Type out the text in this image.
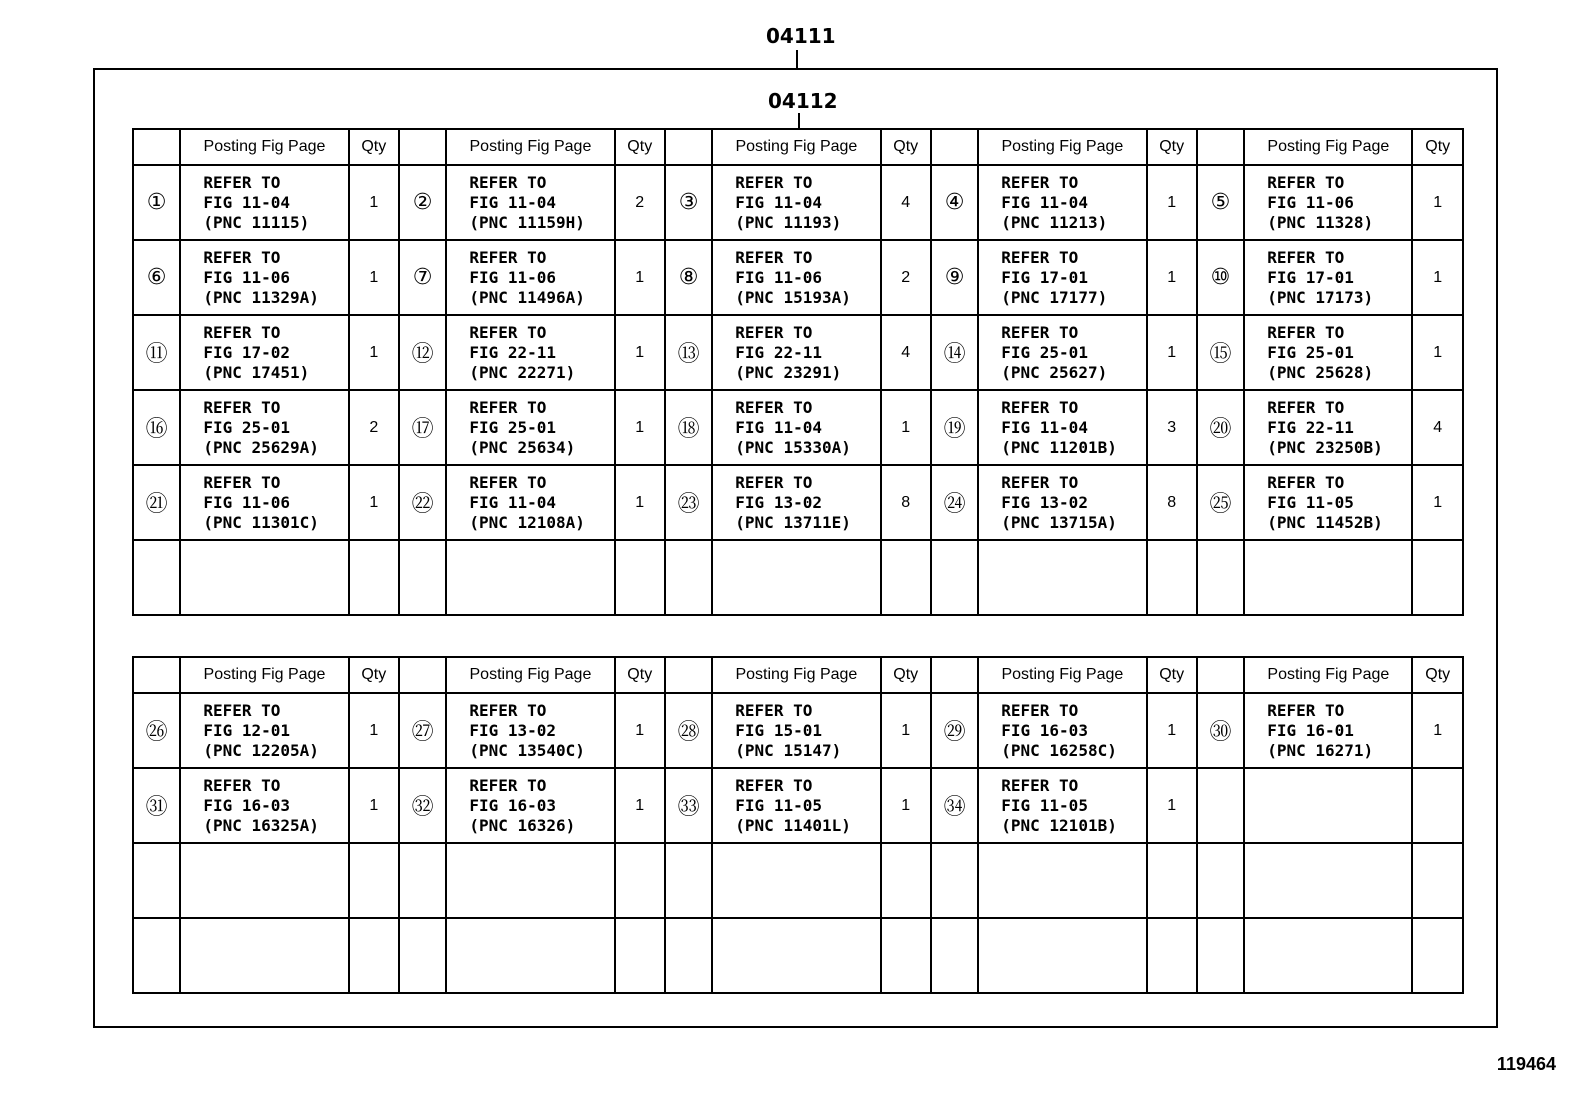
04111
04112
	Posting Fig Page	Qty		Posting Fig Page	Qty		Posting Fig Page	Qty		Posting Fig Page	Qty		Posting Fig Page	Qty
①	REFER TO
FIG 11-04
(PNC 11115)	1	②	REFER TO
FIG 11-04
(PNC 11159H)	2	③	REFER TO
FIG 11-04
(PNC 11193)	4	④	REFER TO
FIG 11-04
(PNC 11213)	1	⑤	REFER TO
FIG 11-06
(PNC 11328)	1
⑥	REFER TO
FIG 11-06
(PNC 11329A)	1	⑦	REFER TO
FIG 11-06
(PNC 11496A)	1	⑧	REFER TO
FIG 11-06
(PNC 15193A)	2	⑨	REFER TO
FIG 17-01
(PNC 17177)	1	⑩	REFER TO
FIG 17-01
(PNC 17173)	1
⑪	REFER TO
FIG 17-02
(PNC 17451)	1	⑫	REFER TO
FIG 22-11
(PNC 22271)	1	⑬	REFER TO
FIG 22-11
(PNC 23291)	4	⑭	REFER TO
FIG 25-01
(PNC 25627)	1	⑮	REFER TO
FIG 25-01
(PNC 25628)	1
⑯	REFER TO
FIG 25-01
(PNC 25629A)	2	⑰	REFER TO
FIG 25-01
(PNC 25634)	1	⑱	REFER TO
FIG 11-04
(PNC 15330A)	1	⑲	REFER TO
FIG 11-04
(PNC 11201B)	3	⑳	REFER TO
FIG 22-11
(PNC 23250B)	4
㉑	REFER TO
FIG 11-06
(PNC 11301C)	1	㉒	REFER TO
FIG 11-04
(PNC 12108A)	1	㉓	REFER TO
FIG 13-02
(PNC 13711E)	8	㉔	REFER TO
FIG 13-02
(PNC 13715A)	8	㉕	REFER TO
FIG 11-05
(PNC 11452B)	1

	Posting Fig Page	Qty		Posting Fig Page	Qty		Posting Fig Page	Qty		Posting Fig Page	Qty		Posting Fig Page	Qty
㉖	REFER TO
FIG 12-01
(PNC 12205A)	1	㉗	REFER TO
FIG 13-02
(PNC 13540C)	1	㉘	REFER TO
FIG 15-01
(PNC 15147)	1	㉙	REFER TO
FIG 16-03
(PNC 16258C)	1	㉚	REFER TO
FIG 16-01
(PNC 16271)	1
㉛	REFER TO
FIG 16-03
(PNC 16325A)	1	㉜	REFER TO
FIG 16-03
(PNC 16326)	1	㉝	REFER TO
FIG 11-05
(PNC 11401L)	1	㉞	REFER TO
FIG 11-05
(PNC 12101B)	1		

119464
